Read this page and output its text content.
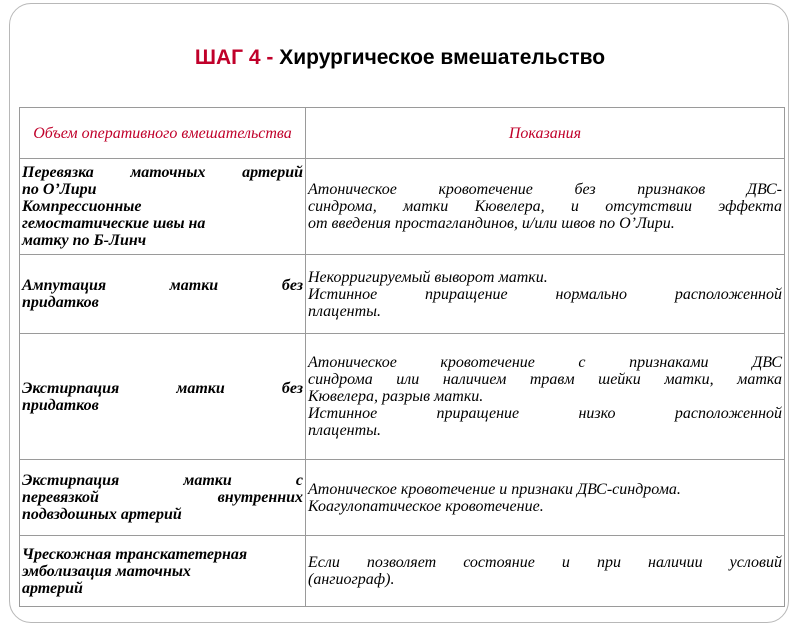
ШАГ 4 - Хирургическое вмешательство
Объем оперативного вмешательства	Показания

Перевязка маточных артерий
по О’Лири
Компрессионные
гемостатические швы на
матку по Б-Линч	Атоническое кровотечение без признаков ДВС-
синдрома, матки Кювелера, и отсутствии эффекта
от введения простагландинов, и/или швов по О’Лири.

Ампутация матки без
придатков	Некорригируемый выворот матки.
Истинное приращение нормально расположенной
плаценты.

Экстирпация матки без
придатков	Атоническое кровотечение с признаками ДВС
синдрома или наличием травм шейки матки, матка
Кювелера, разрыв матки.
Истинное приращение низко расположенной
плаценты.

Экстирпация матки с
перевязкой внутренних
подвздошных артерий	Атоническое кровотечение и признаки ДВС-синдрома.
Коагулопатическое кровотечение.

Чрескожная транскатетерная
эмболизация маточных
артерий	Если позволяет состояние и при наличии условий
(ангиограф).
